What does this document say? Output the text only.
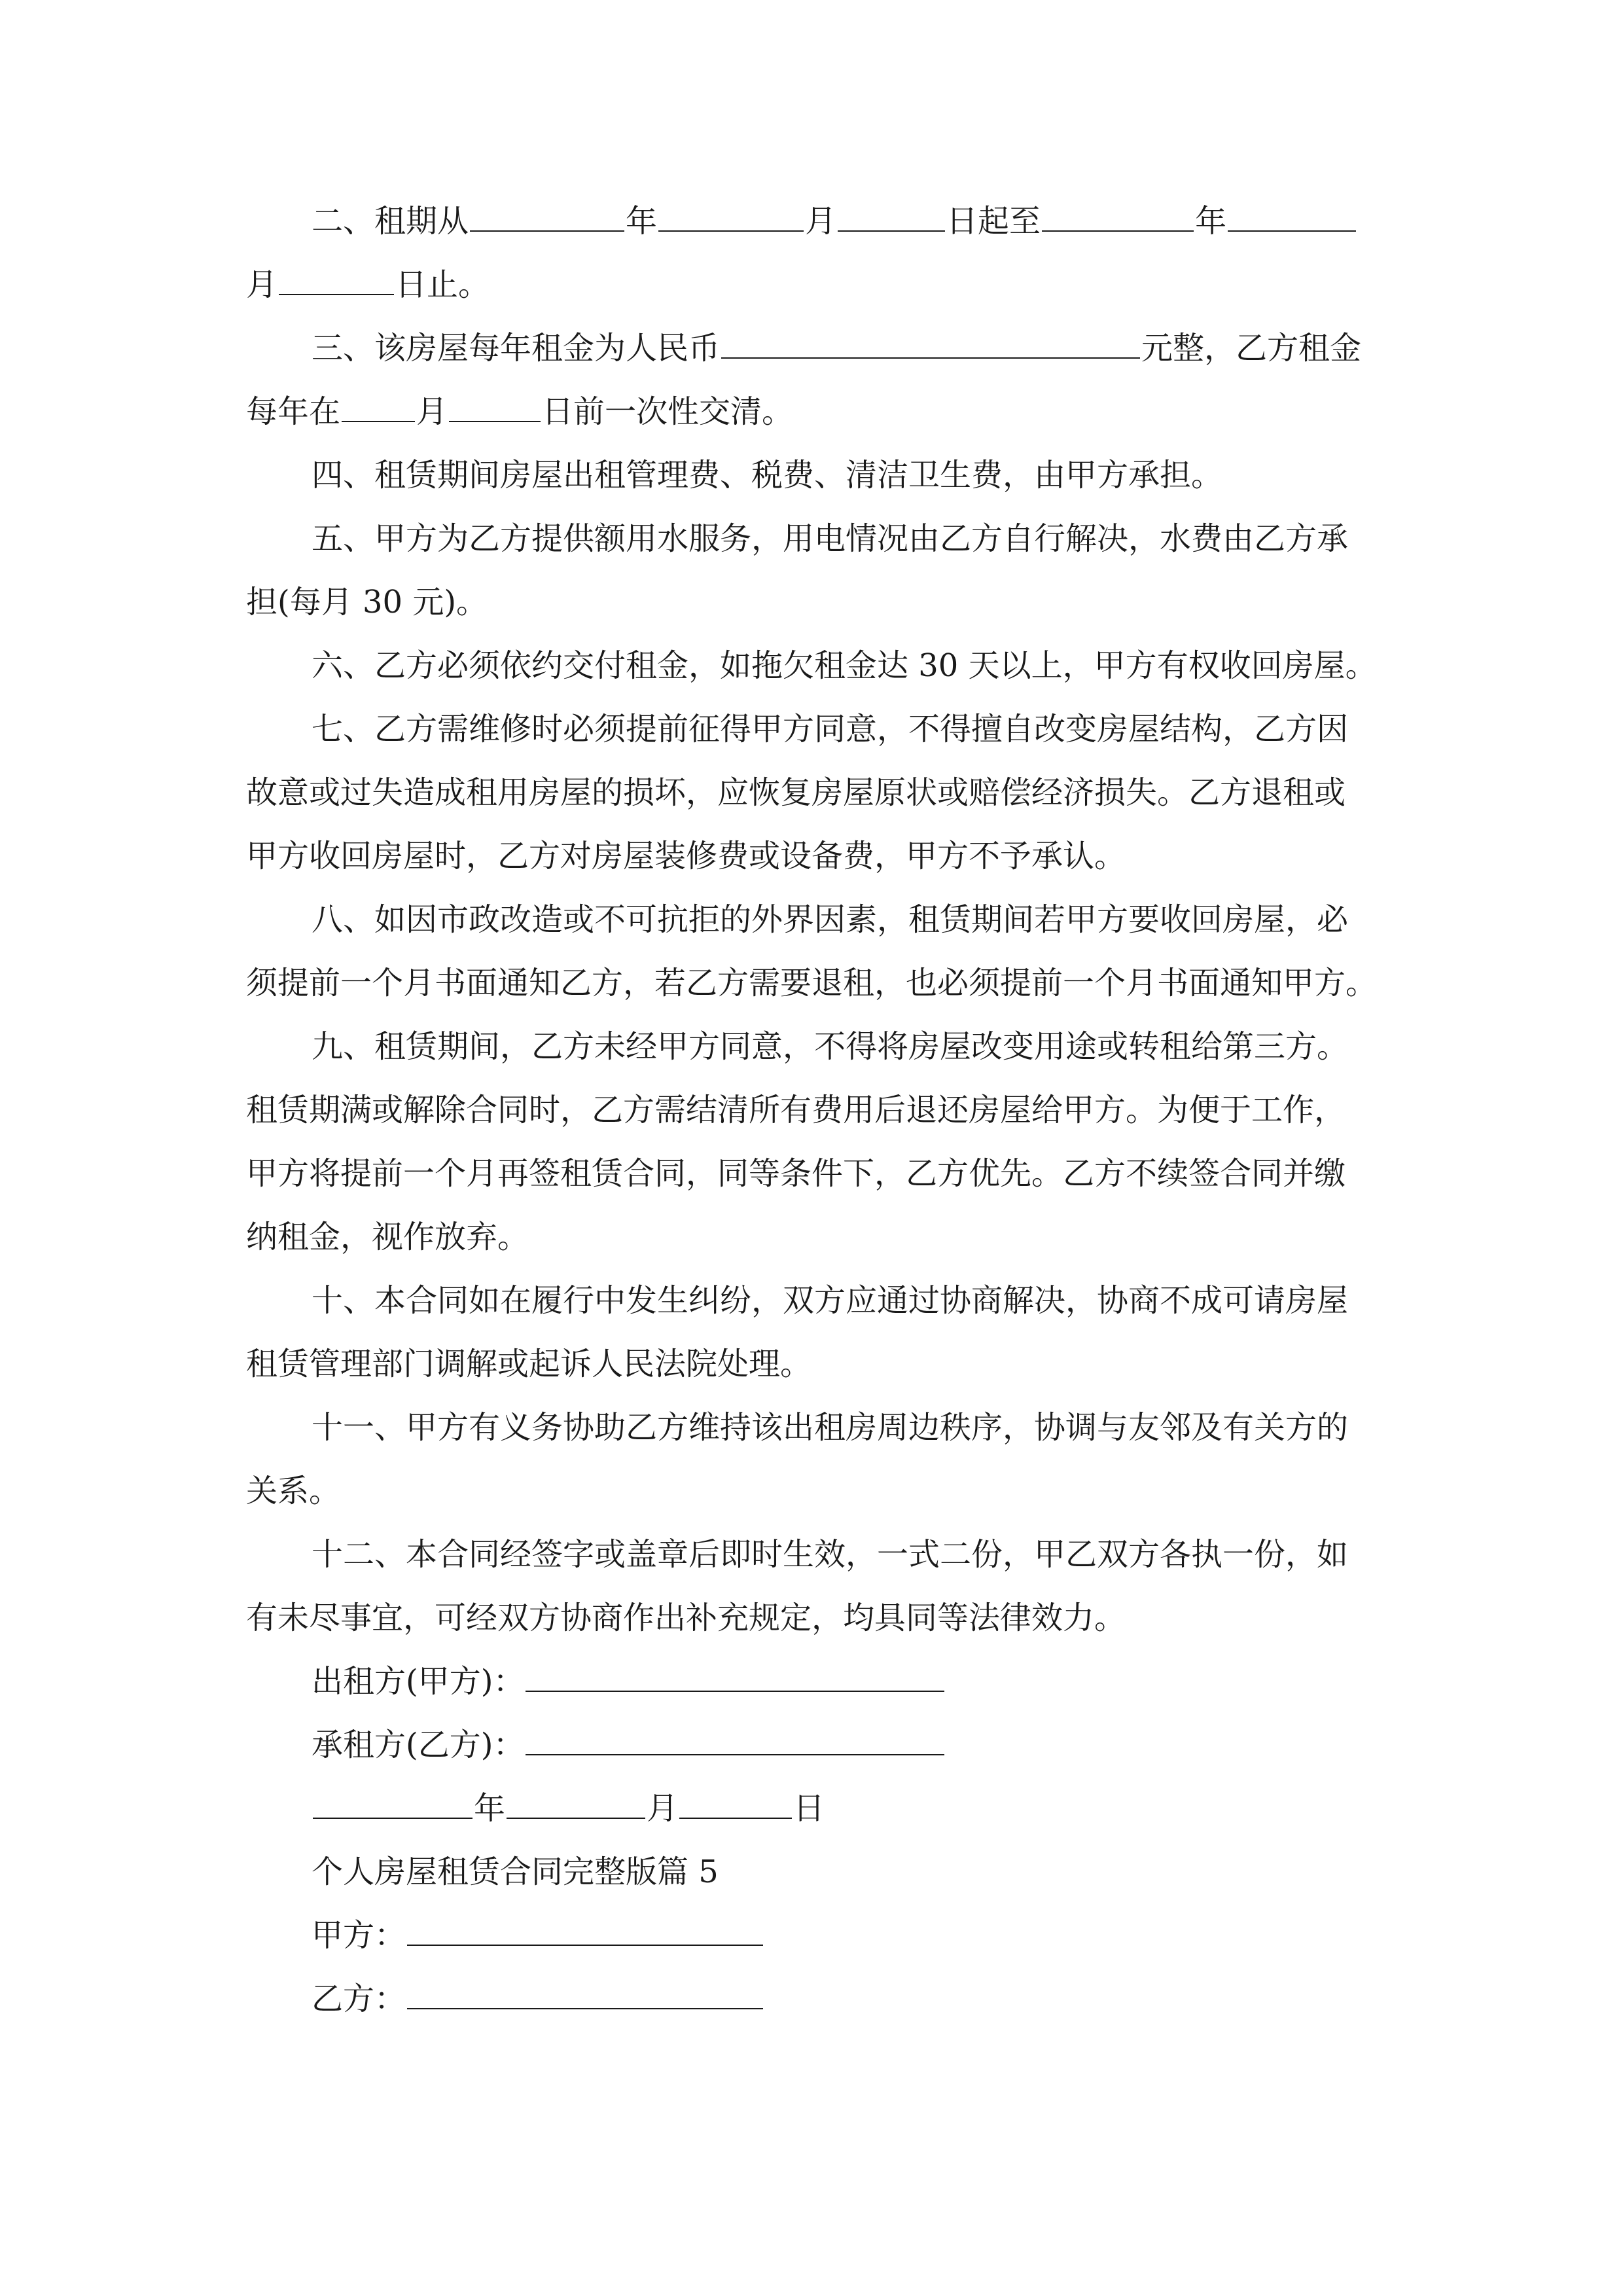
二、租期从	年	月	日起至	年
月	日止。
三、该房屋每年租金为人民币	元整，乙方租金
每年在 月	日前一次性交清。
四、租赁期间房屋出租管理费、税费、清洁卫生费，由甲方承担。
五、甲方为乙方提供额用水服务，用电情况由乙方自行解决，水费由乙方承
担(每月 30 元)。
六、乙方必须依约交付租金，如拖欠租金达 30 天以上，甲方有权收回房屋。
七、乙方需维修时必须提前征得甲方同意，不得擅自改变房屋结构，乙方因
故意或过失造成租用房屋的损坏，应恢复房屋原状或赔偿经济损失。乙方退租或
甲方收回房屋时，乙方对房屋装修费或设备费，甲方不予承认。
八、如因市政改造或不可抗拒的外界因素，租赁期间若甲方要收回房屋，必
须提前一个月书面通知乙方，若乙方需要退租，也必须提前一个月书面通知甲方。
九、租赁期间，乙方未经甲方同意，不得将房屋改变用途或转租给第三方。
租赁期满或解除合同时，乙方需结清所有费用后退还房屋给甲方。为便于工作，
甲方将提前一个月再签租赁合同，同等条件下，乙方优先。乙方不续签合同并缴
纳租金，视作放弃。
十、本合同如在履行中发生纠纷，双方应通过协商解决，协商不成可请房屋
租赁管理部门调解或起诉人民法院处理。
十一、甲方有义务协助乙方维持该出租房周边秩序，协调与友邻及有关方的
关系。
十二、本合同经签字或盖章后即时生效，一式二份，甲乙双方各执一份，如
有未尽事宜，可经双方协商作出补充规定，均具同等法律效力。
出租方(甲方)：
承租方(乙方)：
年	月	日
个人房屋租赁合同完整版篇 5
甲方：
乙方：
